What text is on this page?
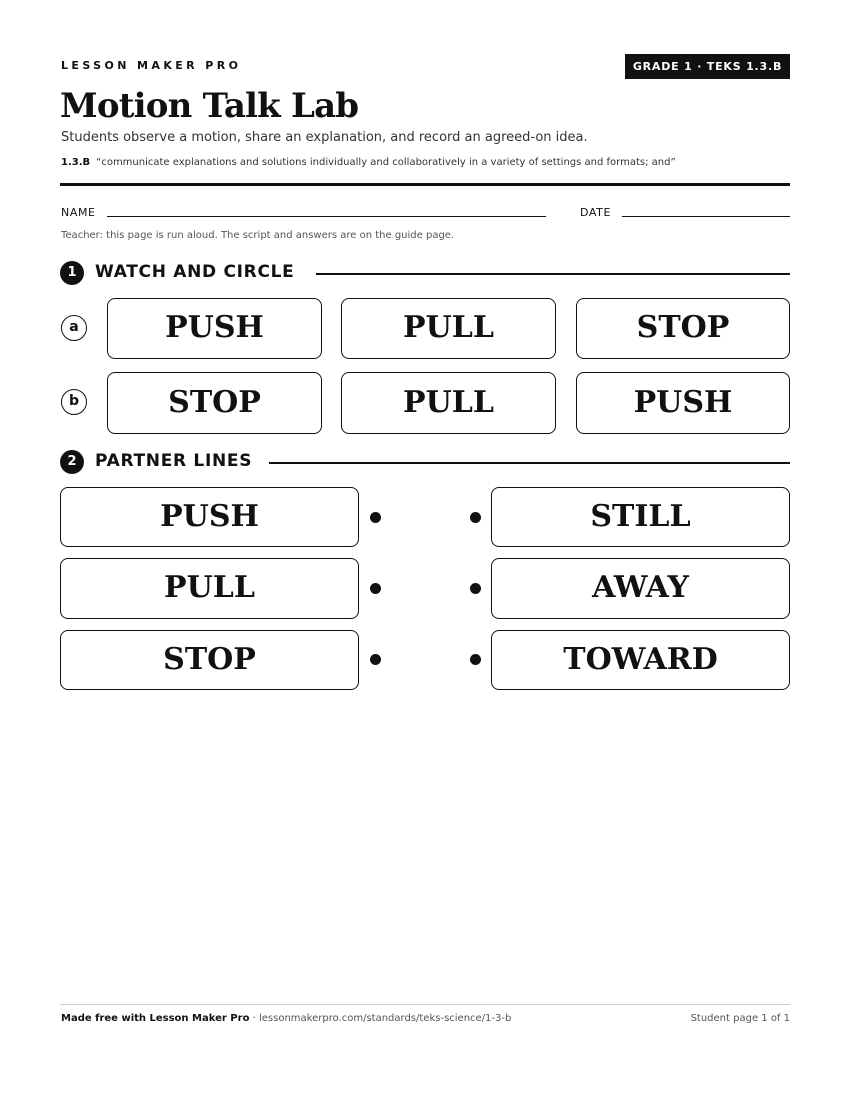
LESSON MAKER PRO	GRADE 1 · TEKS 1.3.B
Motion Talk Lab
Students observe a motion, share an explanation, and record an agreed-on idea.
1.3.B “communicate explanations and solutions individually and collaboratively in a variety of settings and formats; and”
NAME	DATE
Teacher: this page is run aloud. The script and answers are on the guide page.
1	WATCH AND CIRCLE
a	PUSH	PULL	STOP
b	STOP	PULL	PUSH
2	PARTNER LINES
PUSH	STILL
PULL	AWAY
STOP	TOWARD
Made free with Lesson Maker Pro · lessonmakerpro.com/standards/teks-science/1-3-b	Student page 1 of 1
